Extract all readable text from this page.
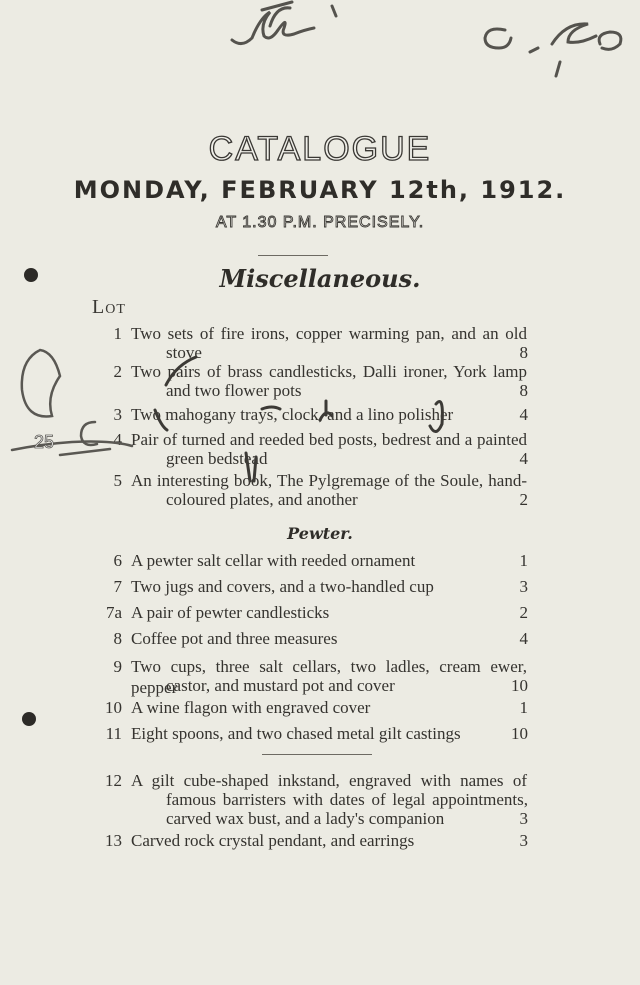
CATALOGUE
MONDAY, FEBRUARY 12th, 1912.
AT 1.30 P.M. PRECISELY.
Miscellaneous.
Lot
1 Two sets of fire irons, copper warming pan, and an old
stove	8
2 Two pairs of brass candlesticks, Dalli ironer, York lamp
and two flower pots	8
3 Two mahogany trays, clock, and a lino polisher	4
4 Pair of turned and reeded bed posts, bedrest and a painted
green bedstead	4
5 An interesting book, The Pylgremage of the Soule, hand-
coloured plates, and another	2
Pewter.
6 A pewter salt cellar with reeded ornament	1
7 Two jugs and covers, and a two-handled cup	3
7a A pair of pewter candlesticks	2
8 Coffee pot and three measures	4
9 Two cups, three salt cellars, two ladles, cream ewer, pepper
castor, and mustard pot and cover	10
10 A wine flagon with engraved cover	1
11 Eight spoons, and two chased metal gilt castings	10
12 A gilt cube-shaped inkstand, engraved with names of
famous barristers with dates of legal appointments,
carved wax bust, and a lady's companion	3
13 Carved rock crystal pendant, and earrings	3
25
